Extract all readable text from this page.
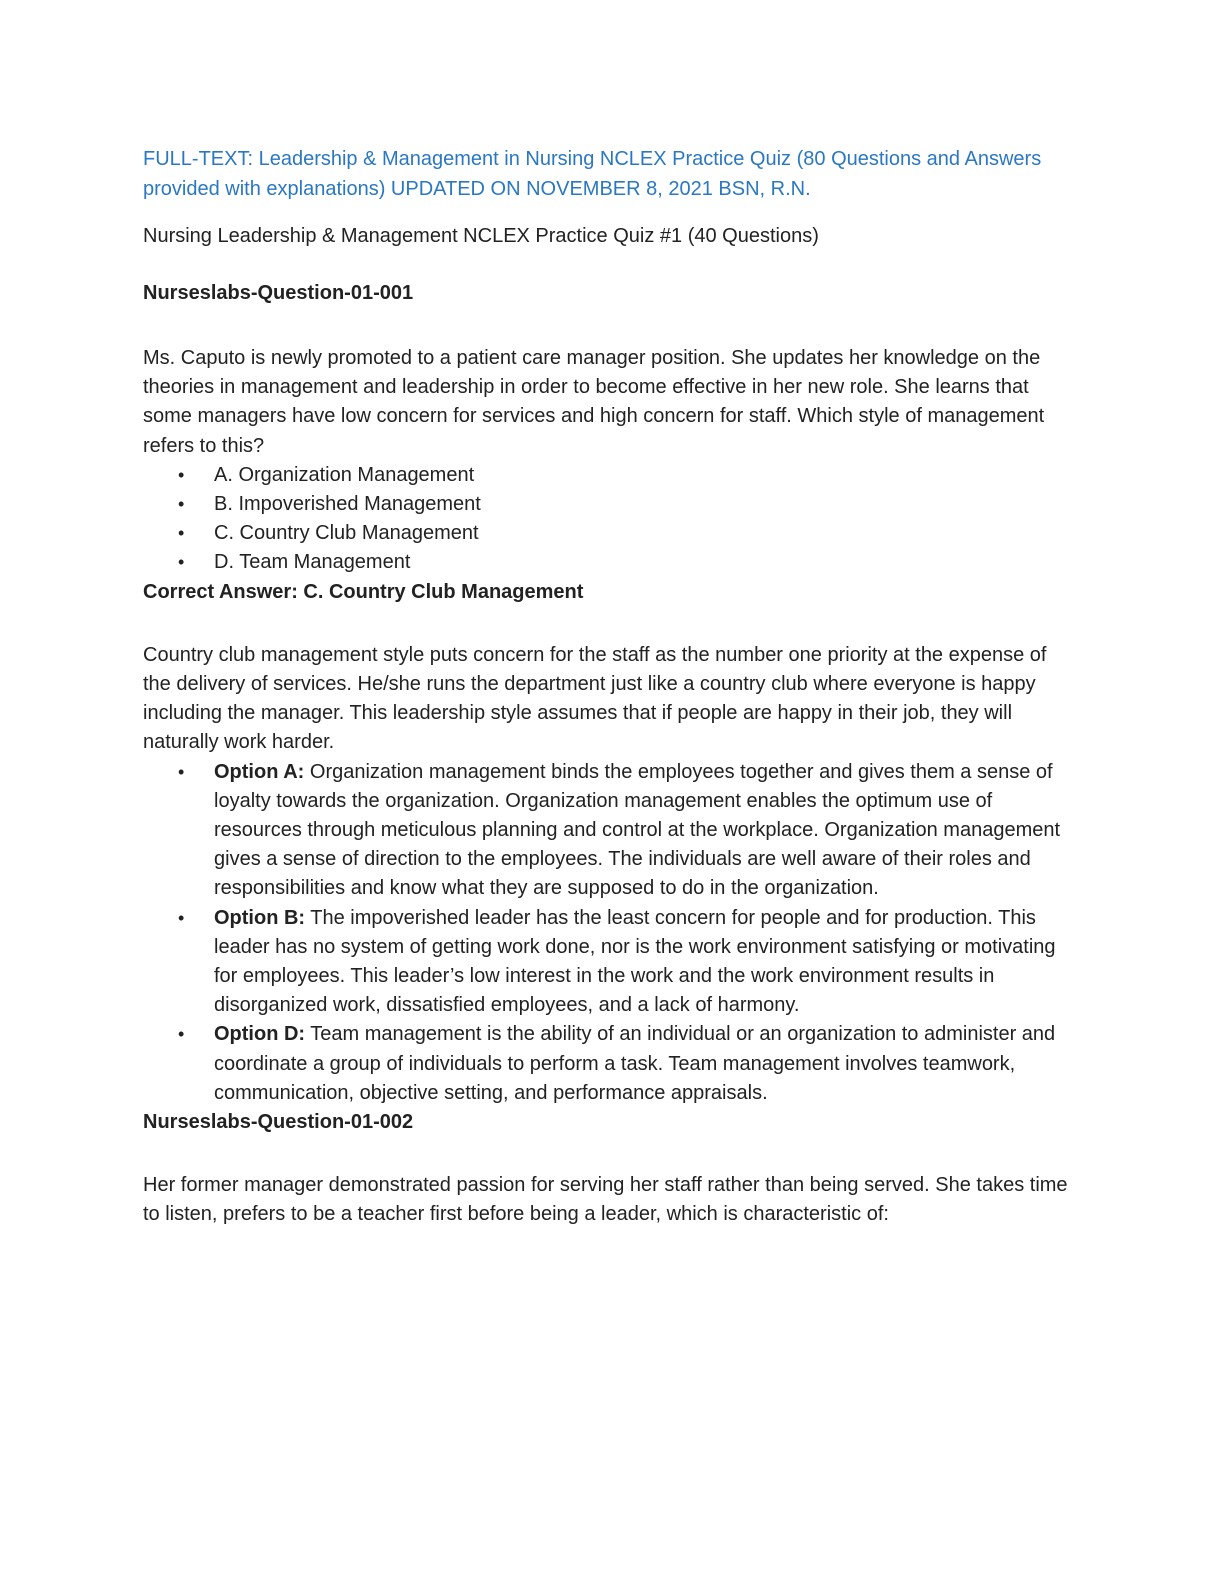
FULL-TEXT: Leadership & Management in Nursing NCLEX Practice Quiz (80 Questions and Answers provided with explanations) UPDATED ON NOVEMBER 8, 2021 BSN, R.N.

Nursing Leadership & Management NCLEX Practice Quiz #1 (40 Questions)

Nurseslabs-Question-01-001

Ms. Caputo is newly promoted to a patient care manager position. She updates her knowledge on the theories in management and leadership in order to become effective in her new role. She learns that some managers have low concern for services and high concern for staff. Which style of management refers to this?

• A. Organization Management
• B. Impoverished Management
• C. Country Club Management
• D. Team Management

Correct Answer: C. Country Club Management

Country club management style puts concern for the staff as the number one priority at the expense of the delivery of services. He/she runs the department just like a country club where everyone is happy including the manager. This leadership style assumes that if people are happy in their job, they will naturally work harder.

• Option A: Organization management binds the employees together and gives them a sense of loyalty towards the organization. Organization management enables the optimum use of resources through meticulous planning and control at the workplace. Organization management gives a sense of direction to the employees. The individuals are well aware of their roles and responsibilities and know what they are supposed to do in the organization.
• Option B: The impoverished leader has the least concern for people and for production. This leader has no system of getting work done, nor is the work environment satisfying or motivating for employees. This leader’s low interest in the work and the work environment results in disorganized work, dissatisfied employees, and a lack of harmony.
• Option D: Team management is the ability of an individual or an organization to administer and coordinate a group of individuals to perform a task. Team management involves teamwork, communication, objective setting, and performance appraisals.

Nurseslabs-Question-01-002

Her former manager demonstrated passion for serving her staff rather than being served. She takes time to listen, prefers to be a teacher first before being a leader, which is characteristic of:
